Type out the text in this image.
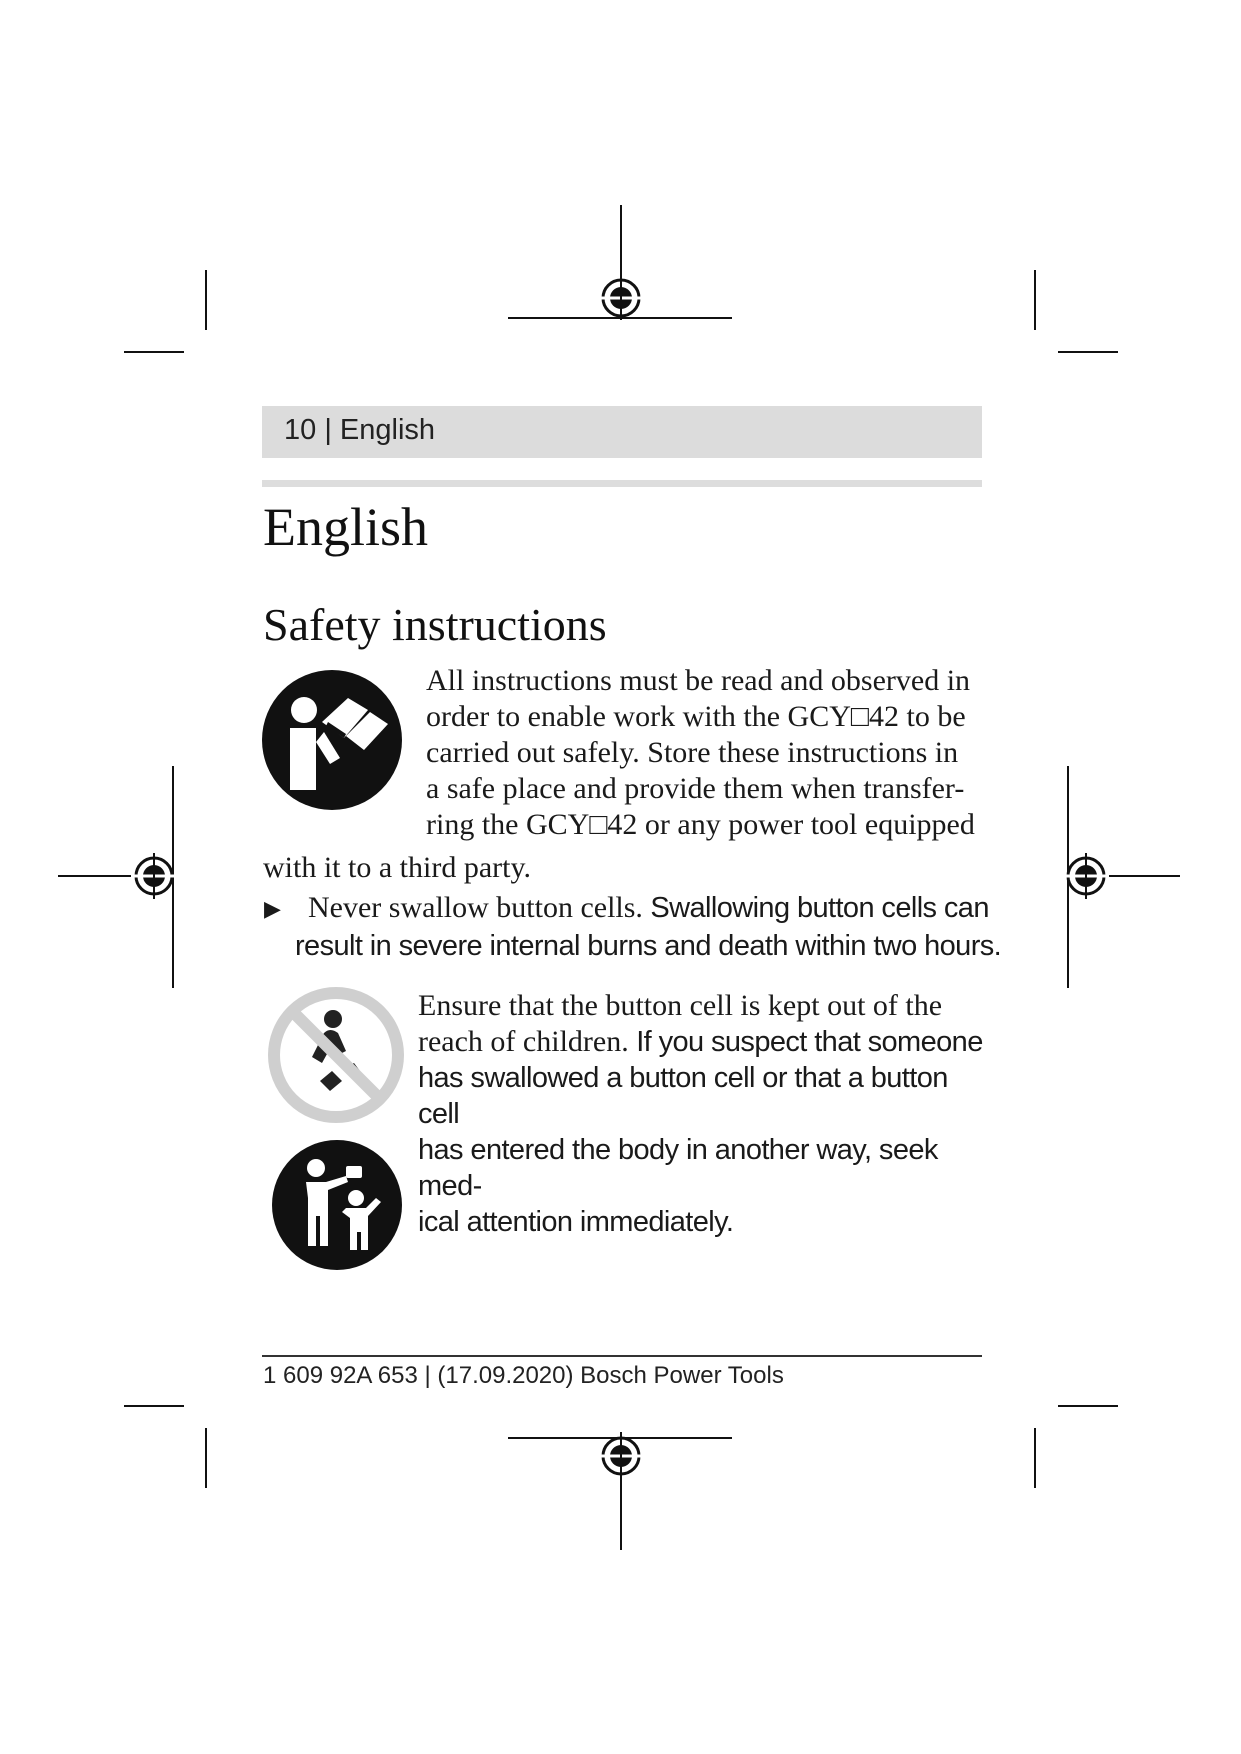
10 | English
English
Safety instructions
All instructions must be read and observed in
order to enable work with the GCY□42 to be
carried out safely. Store these instructions in
a safe place and provide them when transfer-
ring the GCY□42 or any power tool equipped
with it to a third party.
▶ Never swallow button cells. Swallowing button cells can
result in severe internal burns and death within two hours.
Ensure that the button cell is kept out of the
reach of children. If you suspect that someone
has swallowed a button cell or that a button cell
has entered the body in another way, seek med-
ical attention immediately.
1 609 92A 653 | (17.09.2020) Bosch Power Tools
